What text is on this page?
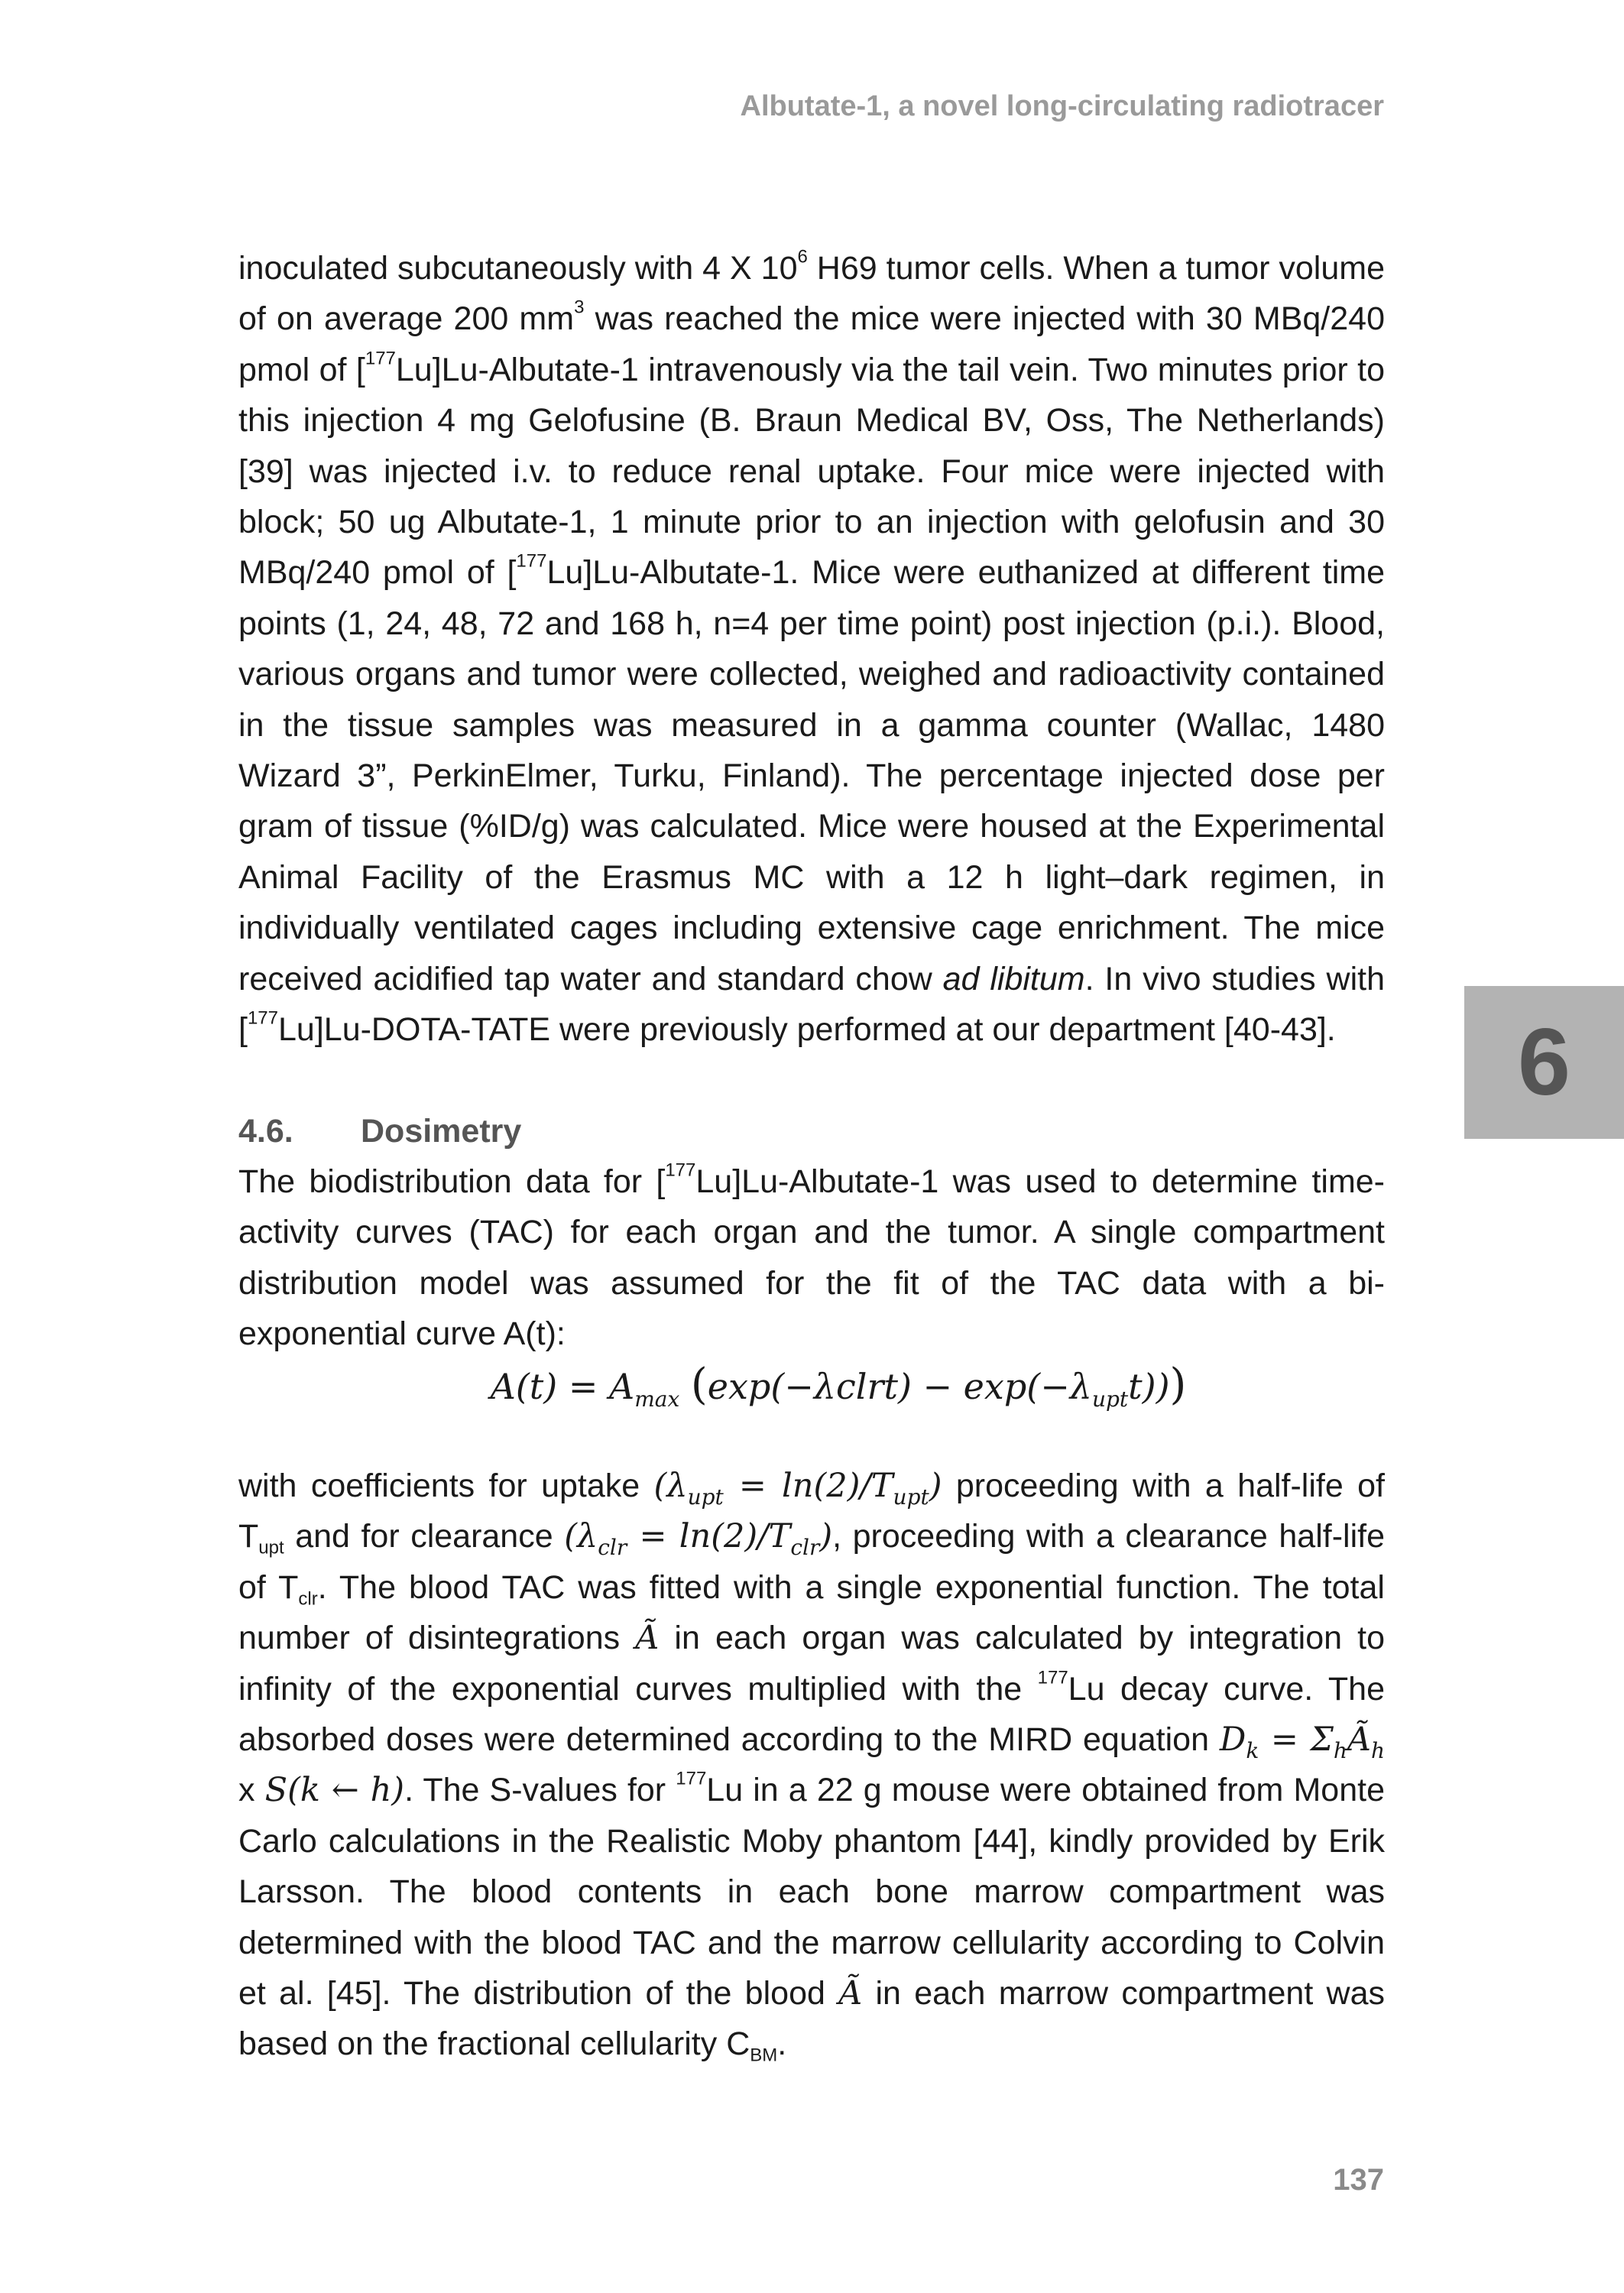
Albutate-1, a novel long-circulating radiotracer

inoculated subcutaneously with 4 X $10^6$ H69 tumor cells. When a tumor volume of on average 200 $mm^3$ was reached the mice were injected with 30 MBq/240 pmol of [$^{177}$Lu]Lu-Albutate-1 intravenously via the tail vein. Two minutes prior to this injection 4 mg Gelofusine (B. Braun Medical BV, Oss, The Netherlands) [39] was injected i.v. to reduce renal uptake. Four mice were injected with block; 50 ug Albutate-1, 1 minute prior to an injection with gelofusin and 30 MBq/240 pmol of [$^{177}$Lu]Lu-Albutate-1. Mice were euthanized at different time points (1, 24, 48, 72 and 168 h, n=4 per time point) post injection (p.i.). Blood, various organs and tumor were collected, weighed and radioactivity contained in the tissue samples was measured in a gamma counter (Wallac, 1480 Wizard 3”, PerkinElmer, Turku, Finland). The percentage injected dose per gram of tissue (%ID/g) was calculated. Mice were housed at the Experimental Animal Facility of the Erasmus MC with a 12 h light–dark regimen, in individually ventilated cages including extensive cage enrichment. The mice received acidified tap water and standard chow ad libitum. In vivo studies with [$^{177}$Lu]Lu-DOTA-TATE were previously performed at our department [40-43].

4.6.	Dosimetry

The biodistribution data for [$^{177}$Lu]Lu-Albutate-1 was used to determine time-activity curves (TAC) for each organ and the tumor. A single compartment distribution model was assumed for the fit of the TAC data with a bi-exponential curve A(t):

$A(t) = A_{max}$ (exp(−λclrt) − $\exp(-\lambda_{upt}t)$))

with coefficients for uptake $(\lambda_{upt} = \ln(2)/T_{upt})$ proceeding with a half-life of $T_{upt}$ and for clearance $(\lambda_{clr} = \ln(2)/T_{clr})$, proceeding with a clearance half-life of $T_{clr}$. The blood TAC was fitted with a single exponential function. The total number of disintegrations Ã in each organ was calculated by integration to infinity of the exponential curves multiplied with the $^{177}$Lu decay curve. The absorbed doses were determined according to the MIRD equation $D_k$ = $\Sigma_hÃ_h$ x S(k ← h). The S-values for $^{177}$Lu in a 22 g mouse were obtained from Monte Carlo calculations in the Realistic Moby phantom [44], kindly provided by Erik Larsson. The blood contents in each bone marrow compartment was determined with the blood TAC and the marrow cellularity according to Colvin et al. [45]. The distribution of the blood Ã in each marrow compartment was based on the fractional cellularity $C_{BM}$.

6
137
